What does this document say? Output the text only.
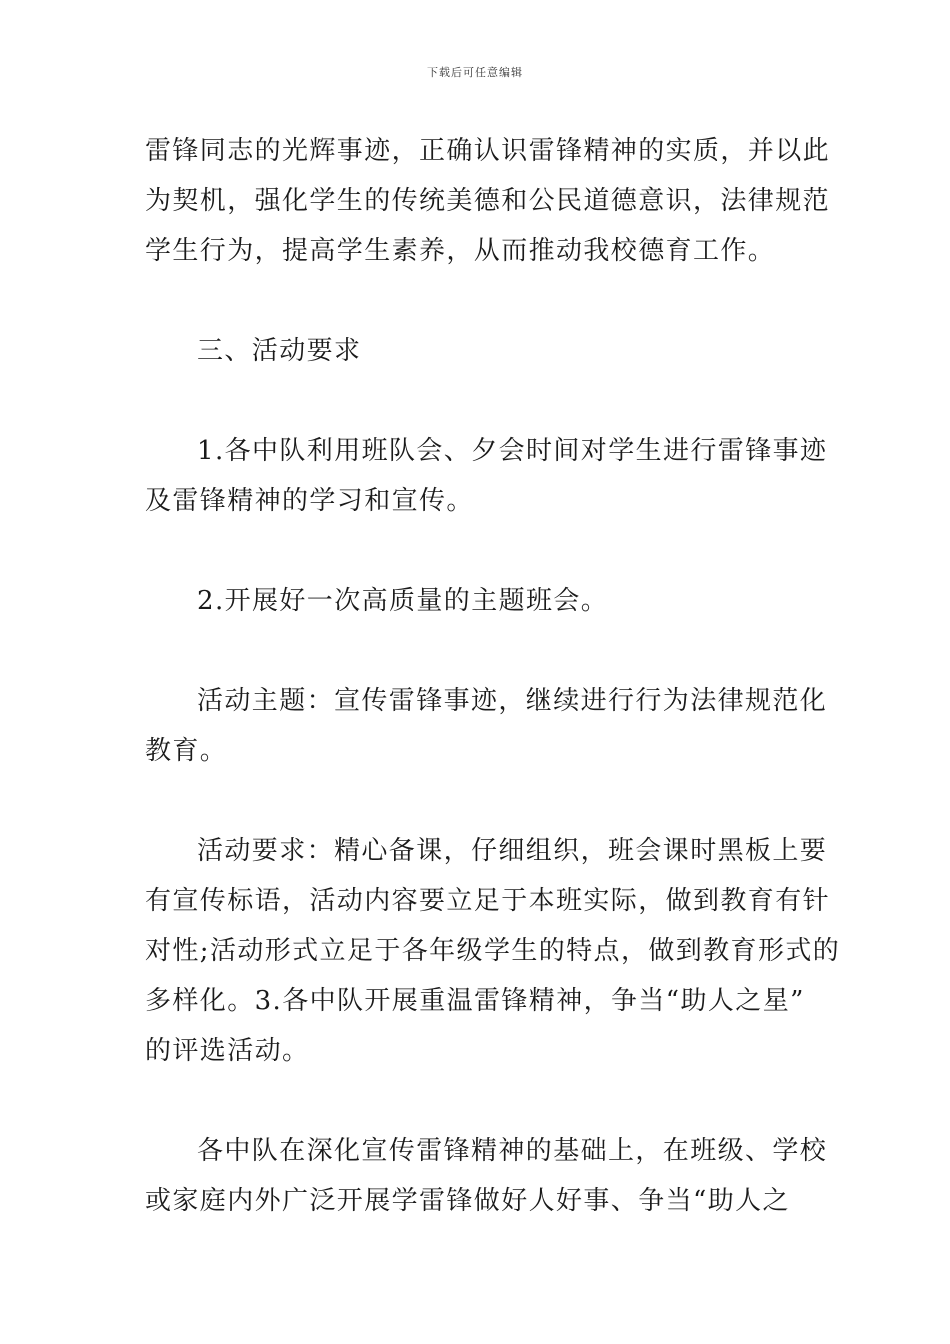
下载后可任意编辑
雷锋同志的光辉事迹，正确认识雷锋精神的实质，并以此
为契机，强化学生的传统美德和公民道德意识，法律规范
学生行为，提高学生素养，从而推动我校德育工作。
三、活动要求
1.各中队利用班队会、夕会时间对学生进行雷锋事迹
及雷锋精神的学习和宣传。
2.开展好一次高质量的主题班会。
活动主题：宣传雷锋事迹，继续进行行为法律规范化
教育。
活动要求：精心备课，仔细组织，班会课时黑板上要
有宣传标语，活动内容要立足于本班实际，做到教育有针
对性;活动形式立足于各年级学生的特点，做到教育形式的
多样化。3.各中队开展重温雷锋精神，争当“助人之星”
的评选活动。
各中队在深化宣传雷锋精神的基础上，在班级、学校
或家庭内外广泛开展学雷锋做好人好事、争当“助人之
